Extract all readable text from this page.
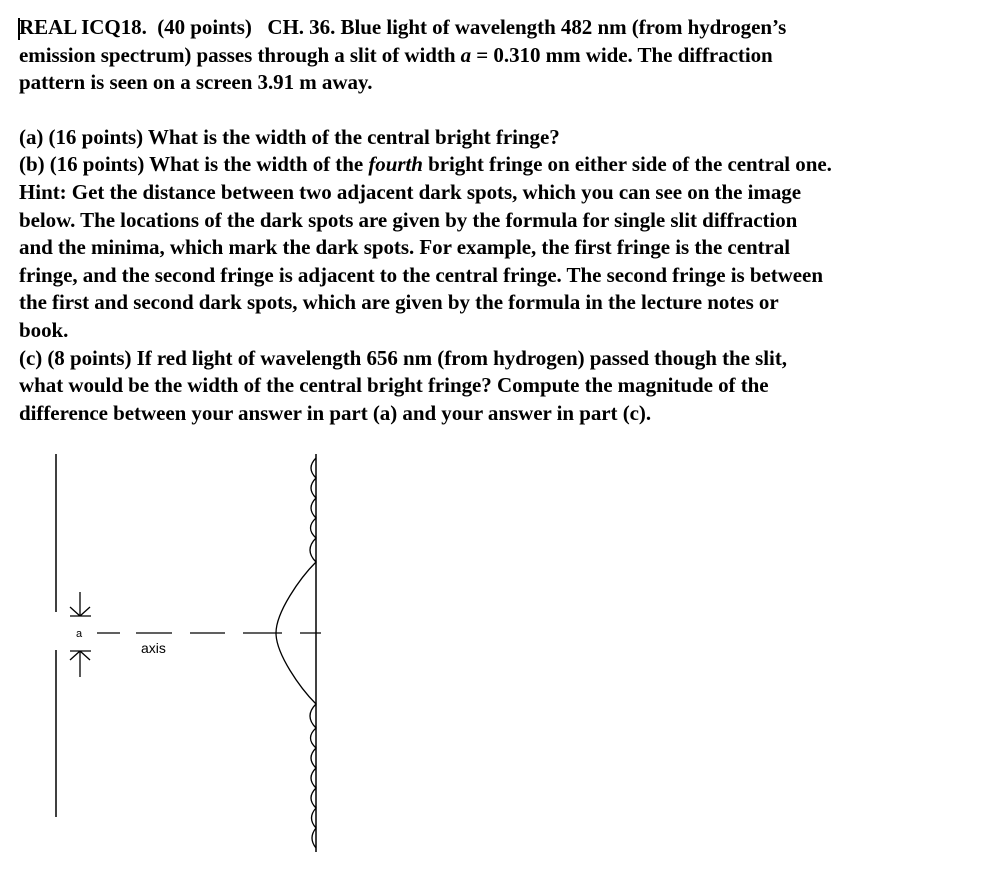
REAL ICQ18. (40 points) CH. 36. Blue light of wavelength 482 nm (from hydrogen’s
emission spectrum) passes through a slit of width a = 0.310 mm wide. The diffraction
pattern is seen on a screen 3.91 m away.

(a) (16 points) What is the width of the central bright fringe?
(b) (16 points) What is the width of the fourth bright fringe on either side of the central one.
Hint: Get the distance between two adjacent dark spots, which you can see on the image
below. The locations of the dark spots are given by the formula for single slit diffraction
and the minima, which mark the dark spots. For example, the first fringe is the central
fringe, and the second fringe is adjacent to the central fringe. The second fringe is between
the first and second dark spots, which are given by the formula in the lecture notes or
book.
(c) (8 points) If red light of wavelength 656 nm (from hydrogen) passed though the slit,
what would be the width of the central bright fringe? Compute the magnitude of the
difference between your answer in part (a) and your answer in part (c).

a
axis
